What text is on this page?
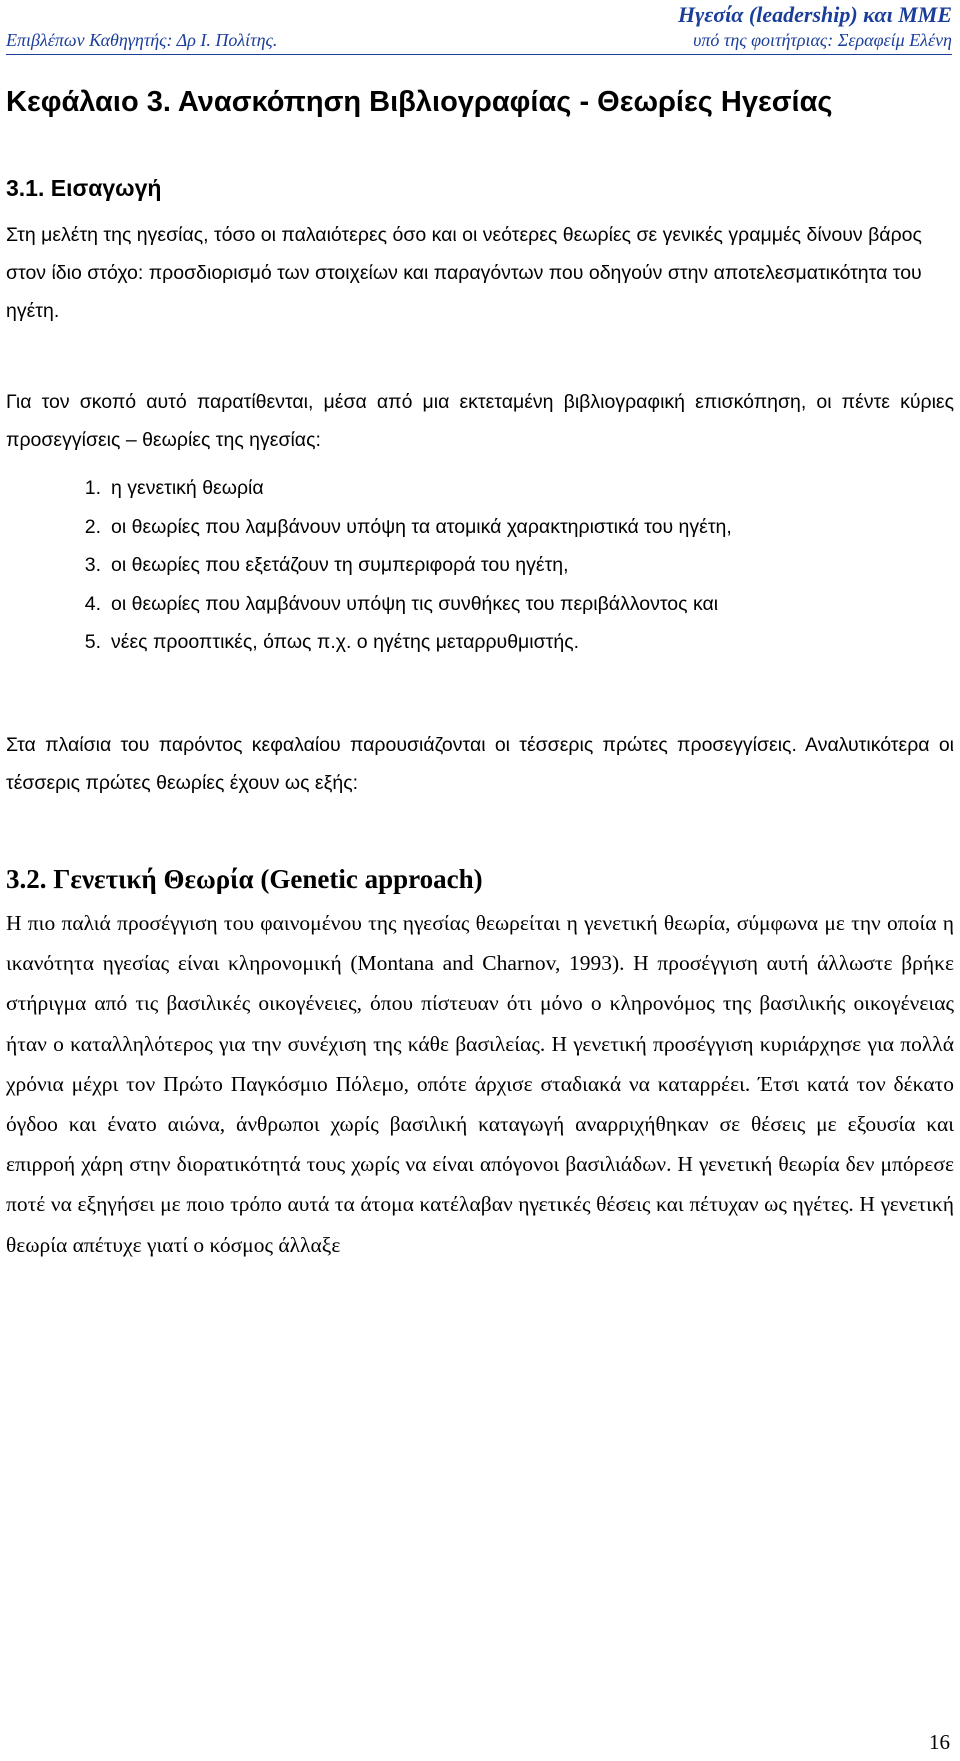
Ηγεσία (leadership) και ΜΜΕ
Επιβλέπων Καθηγητής: Δρ Ι. Πολίτης.	υπό της φοιτήτριας: Σεραφείμ Ελένη
Κεφάλαιο 3. Ανασκόπηση Βιβλιογραφίας - Θεωρίες Ηγεσίας
3.1. Εισαγωγή

Στη μελέτη της ηγεσίας, τόσο οι παλαιότερες όσο και οι νεότερες θεωρίες σε γενικές γραμμές δίνουν βάρος στον ίδιο στόχο: προσδιορισμό των στοιχείων και παραγόντων που οδηγούν στην αποτελεσματικότητα του ηγέτη.

Για τον σκοπό αυτό παρατίθενται, μέσα από μια εκτεταμένη βιβλιογραφική επισκόπηση, οι πέντε κύριες προσεγγίσεις – θεωρίες της ηγεσίας:

1. η γενετική θεωρία
2. οι θεωρίες που λαμβάνουν υπόψη τα ατομικά χαρακτηριστικά του ηγέτη,
3. οι θεωρίες που εξετάζουν τη συμπεριφορά του ηγέτη,
4. οι θεωρίες που λαμβάνουν υπόψη τις συνθήκες του περιβάλλοντος και
5. νέες προοπτικές, όπως π.χ. ο ηγέτης μεταρρυθμιστής.

Στα πλαίσια του παρόντος κεφαλαίου παρουσιάζονται οι τέσσερις πρώτες προσεγγίσεις. Αναλυτικότερα οι τέσσερις πρώτες θεωρίες έχουν ως εξής:

3.2. Γενετική Θεωρία (Genetic approach)

Η πιο παλιά προσέγγιση του φαινομένου της ηγεσίας θεωρείται η γενετική θεωρία, σύμφωνα με την οποία η ικανότητα ηγεσίας είναι κληρονομική (Montana and Charnov, 1993). Η προσέγγιση αυτή άλλωστε βρήκε στήριγμα από τις βασιλικές οικογένειες, όπου πίστευαν ότι μόνο ο κληρονόμος της βασιλικής οικογένειας ήταν ο καταλληλότερος για την συνέχιση της κάθε βασιλείας. Η γενετική προσέγγιση κυριάρχησε για πολλά χρόνια μέχρι τον Πρώτο Παγκόσμιο Πόλεμο, οπότε άρχισε σταδιακά να καταρρέει. Έτσι κατά τον δέκατο όγδοο και ένατο αιώνα, άνθρωποι χωρίς βασιλική καταγωγή αναρριχήθηκαν σε θέσεις με εξουσία και επιρροή χάρη στην διορατικότητά τους χωρίς να είναι απόγονοι βασιλιάδων. Η γενετική θεωρία δεν μπόρεσε ποτέ να εξηγήσει με ποιο τρόπο αυτά τα άτομα κατέλαβαν ηγετικές θέσεις και πέτυχαν ως ηγέτες. Η γενετική θεωρία απέτυχε γιατί ο κόσμος άλλαξε

16
